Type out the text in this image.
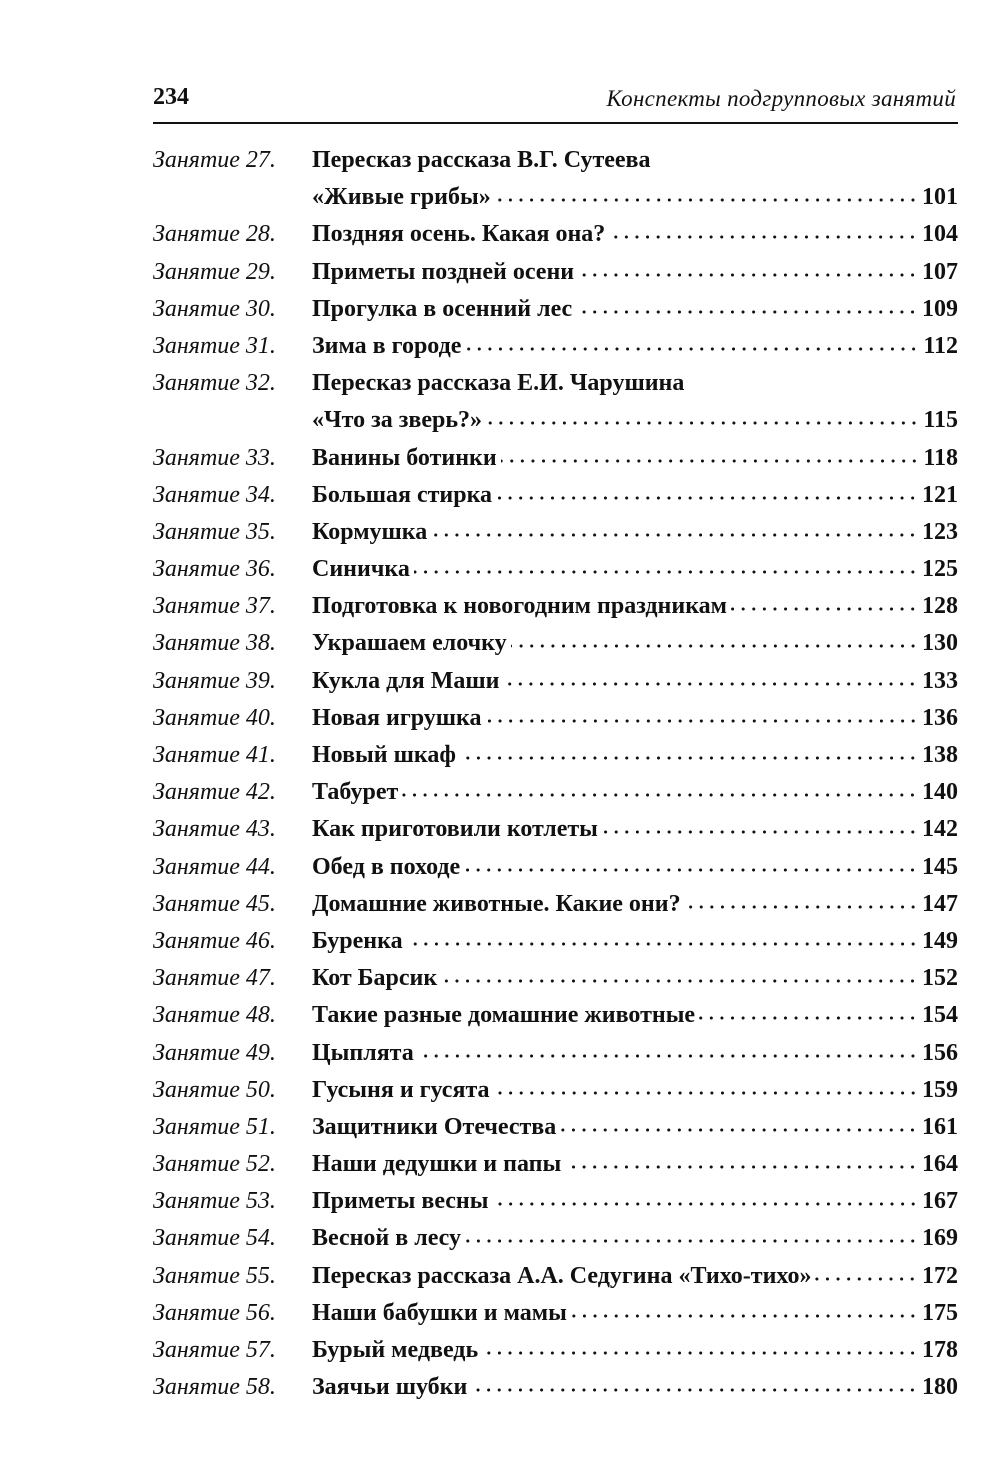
234	Конспекты подгрупповых занятий
Занятие 27.	Пересказ рассказа В.Г. Сутеева
«Живые грибы»	101
Занятие 28.	Поздняя осень. Какая она?	104
Занятие 29.	Приметы поздней осени	107
Занятие 30.	Прогулка в осенний лес	109
Занятие 31.	Зима в городе	112
Занятие 32.	Пересказ рассказа Е.И. Чарушина
«Что за зверь?»	115
Занятие 33.	Ванины ботинки	118
Занятие 34.	Большая стирка	121
Занятие 35.	Кормушка	123
Занятие 36.	Синичка	125
Занятие 37.	Подготовка к новогодним праздникам	128
Занятие 38.	Украшаем елочку	130
Занятие 39.	Кукла для Маши	133
Занятие 40.	Новая игрушка	136
Занятие 41.	Новый шкаф	138
Занятие 42.	Табурет	140
Занятие 43.	Как приготовили котлеты	142
Занятие 44.	Обед в походе	145
Занятие 45.	Домашние животные. Какие они?	147
Занятие 46.	Буренка	149
Занятие 47.	Кот Барсик	152
Занятие 48.	Такие разные домашние животные	154
Занятие 49.	Цыплята	156
Занятие 50.	Гусыня и гусята	159
Занятие 51.	Защитники Отечества	161
Занятие 52.	Наши дедушки и папы	164
Занятие 53.	Приметы весны	167
Занятие 54.	Весной в лесу	169
Занятие 55.	Пересказ рассказа А.А. Седугина «Тихо-тихо»	172
Занятие 56.	Наши бабушки и мамы	175
Занятие 57.	Бурый медведь	178
Занятие 58.	Заячьи шубки	180
